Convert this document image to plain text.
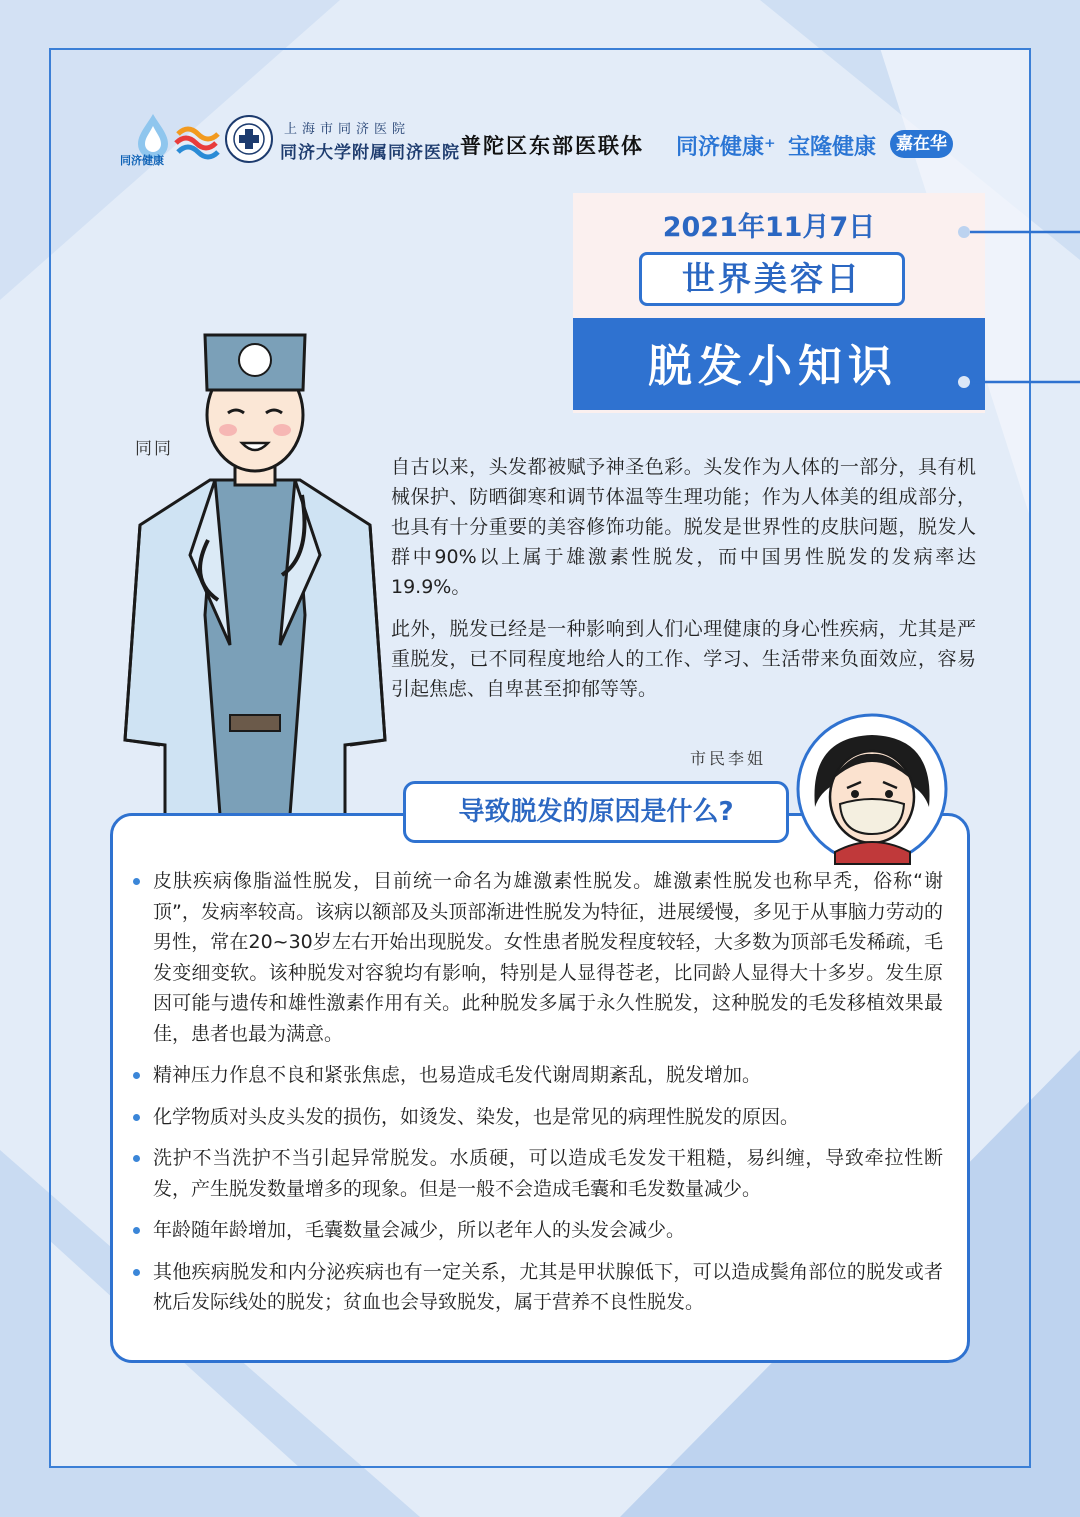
同济健康
上海市同济医院
同济大学附属同济医院 普陀区东部医联体 同济健康⁺ 宝隆健康	嘉在华
2021年11月7日
世界美容日
脱发小知识
同同

自古以来，头发都被赋予神圣色彩。头发作为人体的一部分，具有机械保护、防晒御寒和调节体温等生理功能；作为人体美的组成部分，也具有十分重要的美容修饰功能。脱发是世界性的皮肤问题，脱发人群中90%以上属于雄激素性脱发，而中国男性脱发的发病率达19.9%。

此外，脱发已经是一种影响到人们心理健康的身心性疾病，尤其是严重脱发，已不同程度地给人的工作、学习、生活带来负面效应，容易引起焦虑、自卑甚至抑郁等等。

导致脱发的原因是什么?
市民李姐
皮肤疾病像脂溢性脱发，目前统一命名为雄激素性脱发。雄激素性脱发也称早秃，俗称“谢顶”，发病率较高。该病以额部及头顶部渐进性脱发为特征，进展缓慢，多见于从事脑力劳动的男性，常在20~30岁左右开始出现脱发。女性患者脱发程度较轻，大多数为顶部毛发稀疏，毛发变细变软。该种脱发对容貌均有影响，特别是人显得苍老，比同龄人显得大十多岁。发生原因可能与遗传和雄性激素作用有关。此种脱发多属于永久性脱发，这种脱发的毛发移植效果最佳，患者也最为满意。
精神压力作息不良和紧张焦虑，也易造成毛发代谢周期紊乱，脱发增加。
化学物质对头皮头发的损伤，如烫发、染发，也是常见的病理性脱发的原因。
洗护不当洗护不当引起异常脱发。水质硬，可以造成毛发发干粗糙，易纠缠，导致牵拉性断发，产生脱发数量增多的现象。但是一般不会造成毛囊和毛发数量减少。
年龄随年龄增加，毛囊数量会减少，所以老年人的头发会减少。
其他疾病脱发和内分泌疾病也有一定关系，尤其是甲状腺低下，可以造成鬓角部位的脱发或者枕后发际线处的脱发；贫血也会导致脱发，属于营养不良性脱发。
